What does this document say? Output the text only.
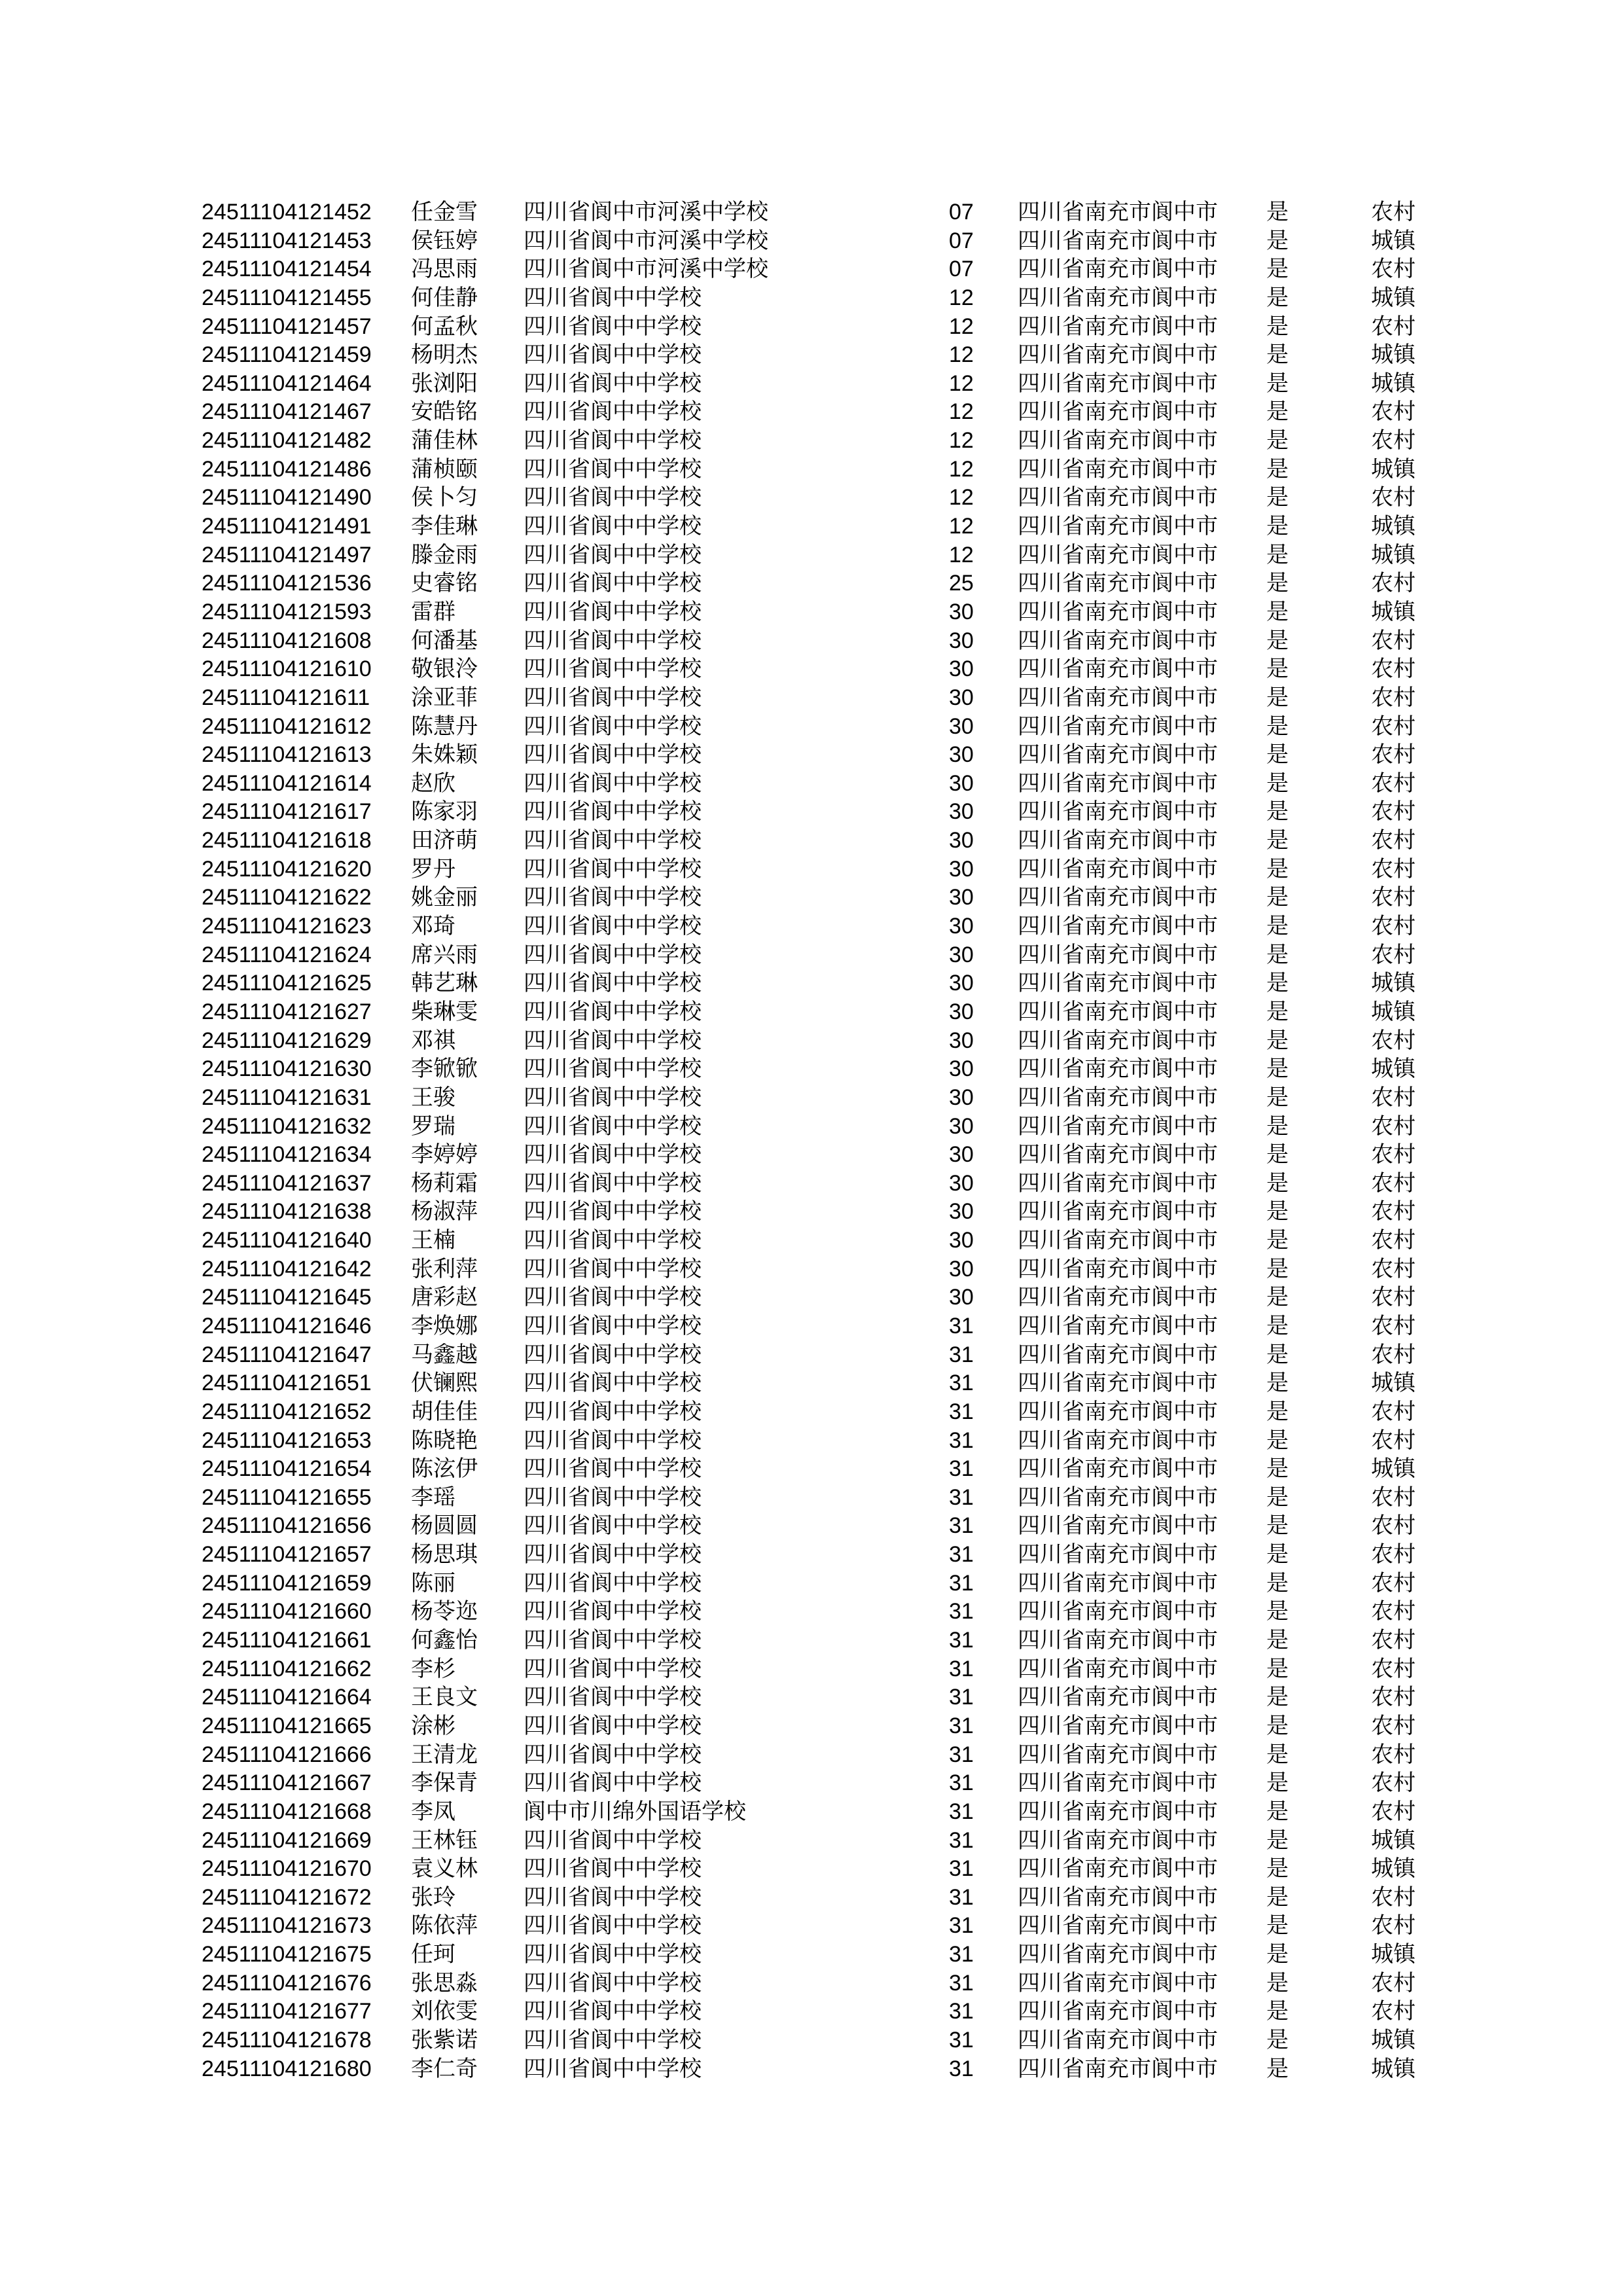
24511104121452 任金雪 四川省阆中市河溪中学校	07 四川省南充市阆中市 是	农村
24511104121453 侯钰婷 四川省阆中市河溪中学校	07 四川省南充市阆中市 是	城镇
24511104121454 冯思雨 四川省阆中市河溪中学校	07 四川省南充市阆中市 是	农村
24511104121455 何佳静 四川省阆中中学校	12 四川省南充市阆中市 是	城镇
24511104121457 何孟秋 四川省阆中中学校	12 四川省南充市阆中市 是	农村
24511104121459 杨明杰 四川省阆中中学校	12 四川省南充市阆中市 是	城镇
24511104121464 张浏阳 四川省阆中中学校	12 四川省南充市阆中市 是	城镇
24511104121467 安皓铭 四川省阆中中学校	12 四川省南充市阆中市 是	农村
24511104121482 蒲佳林 四川省阆中中学校	12 四川省南充市阆中市 是	农村
24511104121486 蒲桢颐 四川省阆中中学校	12 四川省南充市阆中市 是	城镇
24511104121490 侯卜匀 四川省阆中中学校	12 四川省南充市阆中市 是	农村
24511104121491 李佳琳 四川省阆中中学校	12 四川省南充市阆中市 是	城镇
24511104121497 滕金雨 四川省阆中中学校	12 四川省南充市阆中市 是	城镇
24511104121536 史睿铭 四川省阆中中学校	25 四川省南充市阆中市 是	农村
24511104121593 雷群	四川省阆中中学校	30 四川省南充市阆中市 是	城镇
24511104121608 何潘基 四川省阆中中学校	30 四川省南充市阆中市 是	农村
24511104121610 敬银泠 四川省阆中中学校	30 四川省南充市阆中市 是	农村
24511104121611 涂亚菲 四川省阆中中学校	30 四川省南充市阆中市 是	农村
24511104121612 陈慧丹 四川省阆中中学校	30 四川省南充市阆中市 是	农村
24511104121613 朱姝颖 四川省阆中中学校	30 四川省南充市阆中市 是	农村
24511104121614 赵欣	四川省阆中中学校	30 四川省南充市阆中市 是	农村
24511104121617 陈家羽 四川省阆中中学校	30 四川省南充市阆中市 是	农村
24511104121618 田济萌 四川省阆中中学校	30 四川省南充市阆中市 是	农村
24511104121620 罗丹	四川省阆中中学校	30 四川省南充市阆中市 是	农村
24511104121622 姚金丽 四川省阆中中学校	30 四川省南充市阆中市 是	农村
24511104121623 邓琦	四川省阆中中学校	30 四川省南充市阆中市 是	农村
24511104121624 席兴雨 四川省阆中中学校	30 四川省南充市阆中市 是	农村
24511104121625 韩艺琳 四川省阆中中学校	30 四川省南充市阆中市 是	城镇
24511104121627 柴琳雯 四川省阆中中学校	30 四川省南充市阆中市 是	城镇
24511104121629 邓祺	四川省阆中中学校	30 四川省南充市阆中市 是	农村
24511104121630 李锨锨 四川省阆中中学校	30 四川省南充市阆中市 是	城镇
24511104121631 王骏	四川省阆中中学校	30 四川省南充市阆中市 是	农村
24511104121632 罗瑞	四川省阆中中学校	30 四川省南充市阆中市 是	农村
24511104121634 李婷婷 四川省阆中中学校	30 四川省南充市阆中市 是	农村
24511104121637 杨莉霜 四川省阆中中学校	30 四川省南充市阆中市 是	农村
24511104121638 杨淑萍 四川省阆中中学校	30 四川省南充市阆中市 是	农村
24511104121640 王楠	四川省阆中中学校	30 四川省南充市阆中市 是	农村
24511104121642 张利萍 四川省阆中中学校	30 四川省南充市阆中市 是	农村
24511104121645 唐彩赵 四川省阆中中学校	30 四川省南充市阆中市 是	农村
24511104121646 李焕娜 四川省阆中中学校	31 四川省南充市阆中市 是	农村
24511104121647 马鑫越 四川省阆中中学校	31 四川省南充市阆中市 是	农村
24511104121651 伏镧熙 四川省阆中中学校	31 四川省南充市阆中市 是	城镇
24511104121652 胡佳佳 四川省阆中中学校	31 四川省南充市阆中市 是	农村
24511104121653 陈晓艳 四川省阆中中学校	31 四川省南充市阆中市 是	农村
24511104121654 陈泫伊 四川省阆中中学校	31 四川省南充市阆中市 是	城镇
24511104121655 李瑶	四川省阆中中学校	31 四川省南充市阆中市 是	农村
24511104121656 杨圆圆 四川省阆中中学校	31 四川省南充市阆中市 是	农村
24511104121657 杨思琪 四川省阆中中学校	31 四川省南充市阆中市 是	农村
24511104121659 陈丽	四川省阆中中学校	31 四川省南充市阆中市 是	农村
24511104121660 杨苓迩 四川省阆中中学校	31 四川省南充市阆中市 是	农村
24511104121661 何鑫怡 四川省阆中中学校	31 四川省南充市阆中市 是	农村
24511104121662 李杉	四川省阆中中学校	31 四川省南充市阆中市 是	农村
24511104121664 王良文 四川省阆中中学校	31 四川省南充市阆中市 是	农村
24511104121665 涂彬	四川省阆中中学校	31 四川省南充市阆中市 是	农村
24511104121666 王清龙 四川省阆中中学校	31 四川省南充市阆中市 是	农村
24511104121667 李保青 四川省阆中中学校	31 四川省南充市阆中市 是	农村
24511104121668 李凤	阆中市川绵外国语学校	31 四川省南充市阆中市 是	农村
24511104121669 王林钰 四川省阆中中学校	31 四川省南充市阆中市 是	城镇
24511104121670 袁义林 四川省阆中中学校	31 四川省南充市阆中市 是	城镇
24511104121672 张玲	四川省阆中中学校	31 四川省南充市阆中市 是	农村
24511104121673 陈依萍 四川省阆中中学校	31 四川省南充市阆中市 是	农村
24511104121675 任珂	四川省阆中中学校	31 四川省南充市阆中市 是	城镇
24511104121676 张思淼 四川省阆中中学校	31 四川省南充市阆中市 是	农村
24511104121677 刘依雯 四川省阆中中学校	31 四川省南充市阆中市 是	农村
24511104121678 张紫诺 四川省阆中中学校	31 四川省南充市阆中市 是	城镇
24511104121680 李仁奇 四川省阆中中学校	31 四川省南充市阆中市 是	城镇
